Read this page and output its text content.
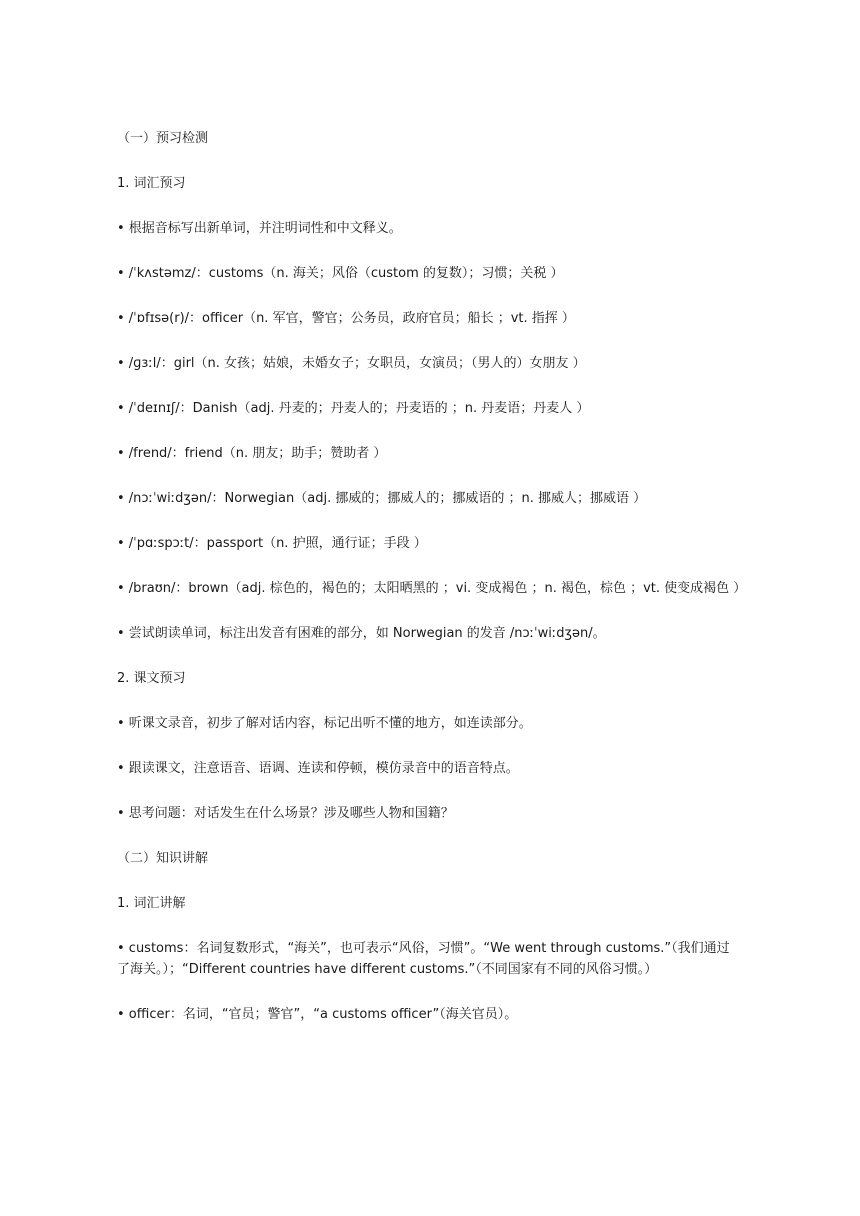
（一）预习检测

1. 词汇预习

• 根据音标写出新单词，并注明词性和中文释义。

• /ˈkʌstəmz/：customs（n. 海关；风俗（custom 的复数）；习惯；关税 ）

• /ˈɒfɪsə(r)/：officer（n. 军官，警官；公务员，政府官员；船长 ；vt. 指挥 ）

• /ɡɜːl/：girl（n. 女孩；姑娘，未婚女子；女职员，女演员；（男人的）女朋友 ）

• /ˈdeɪnɪʃ/：Danish（adj. 丹麦的；丹麦人的；丹麦语的 ；n. 丹麦语；丹麦人 ）

• /frend/：friend（n. 朋友；助手；赞助者 ）

• /nɔːˈwiːdʒən/：Norwegian（adj. 挪威的；挪威人的；挪威语的 ；n. 挪威人；挪威语 ）

• /ˈpɑːspɔːt/：passport（n. 护照，通行证；手段 ）

• /braʊn/：brown（adj. 棕色的，褐色的；太阳晒黑的 ；vi. 变成褐色 ；n. 褐色，棕色 ；vt. 使变成褐色 ）

• 尝试朗读单词，标注出发音有困难的部分，如 Norwegian 的发音 /nɔːˈwiːdʒən/。

2. 课文预习

• 听课文录音，初步了解对话内容，标记出听不懂的地方，如连读部分。

• 跟读课文，注意语音、语调、连读和停顿，模仿录音中的语音特点。

• 思考问题：对话发生在什么场景？涉及哪些人物和国籍？

（二）知识讲解

1. 词汇讲解

• customs：名词复数形式，“海关”，也可表示“风俗，习惯”。“We went through customs.”（我们通过了海关。）；“Different countries have different customs.”（不同国家有不同的风俗习惯。）

• officer：名词，“官员；警官”，“a customs officer”（海关官员）。
